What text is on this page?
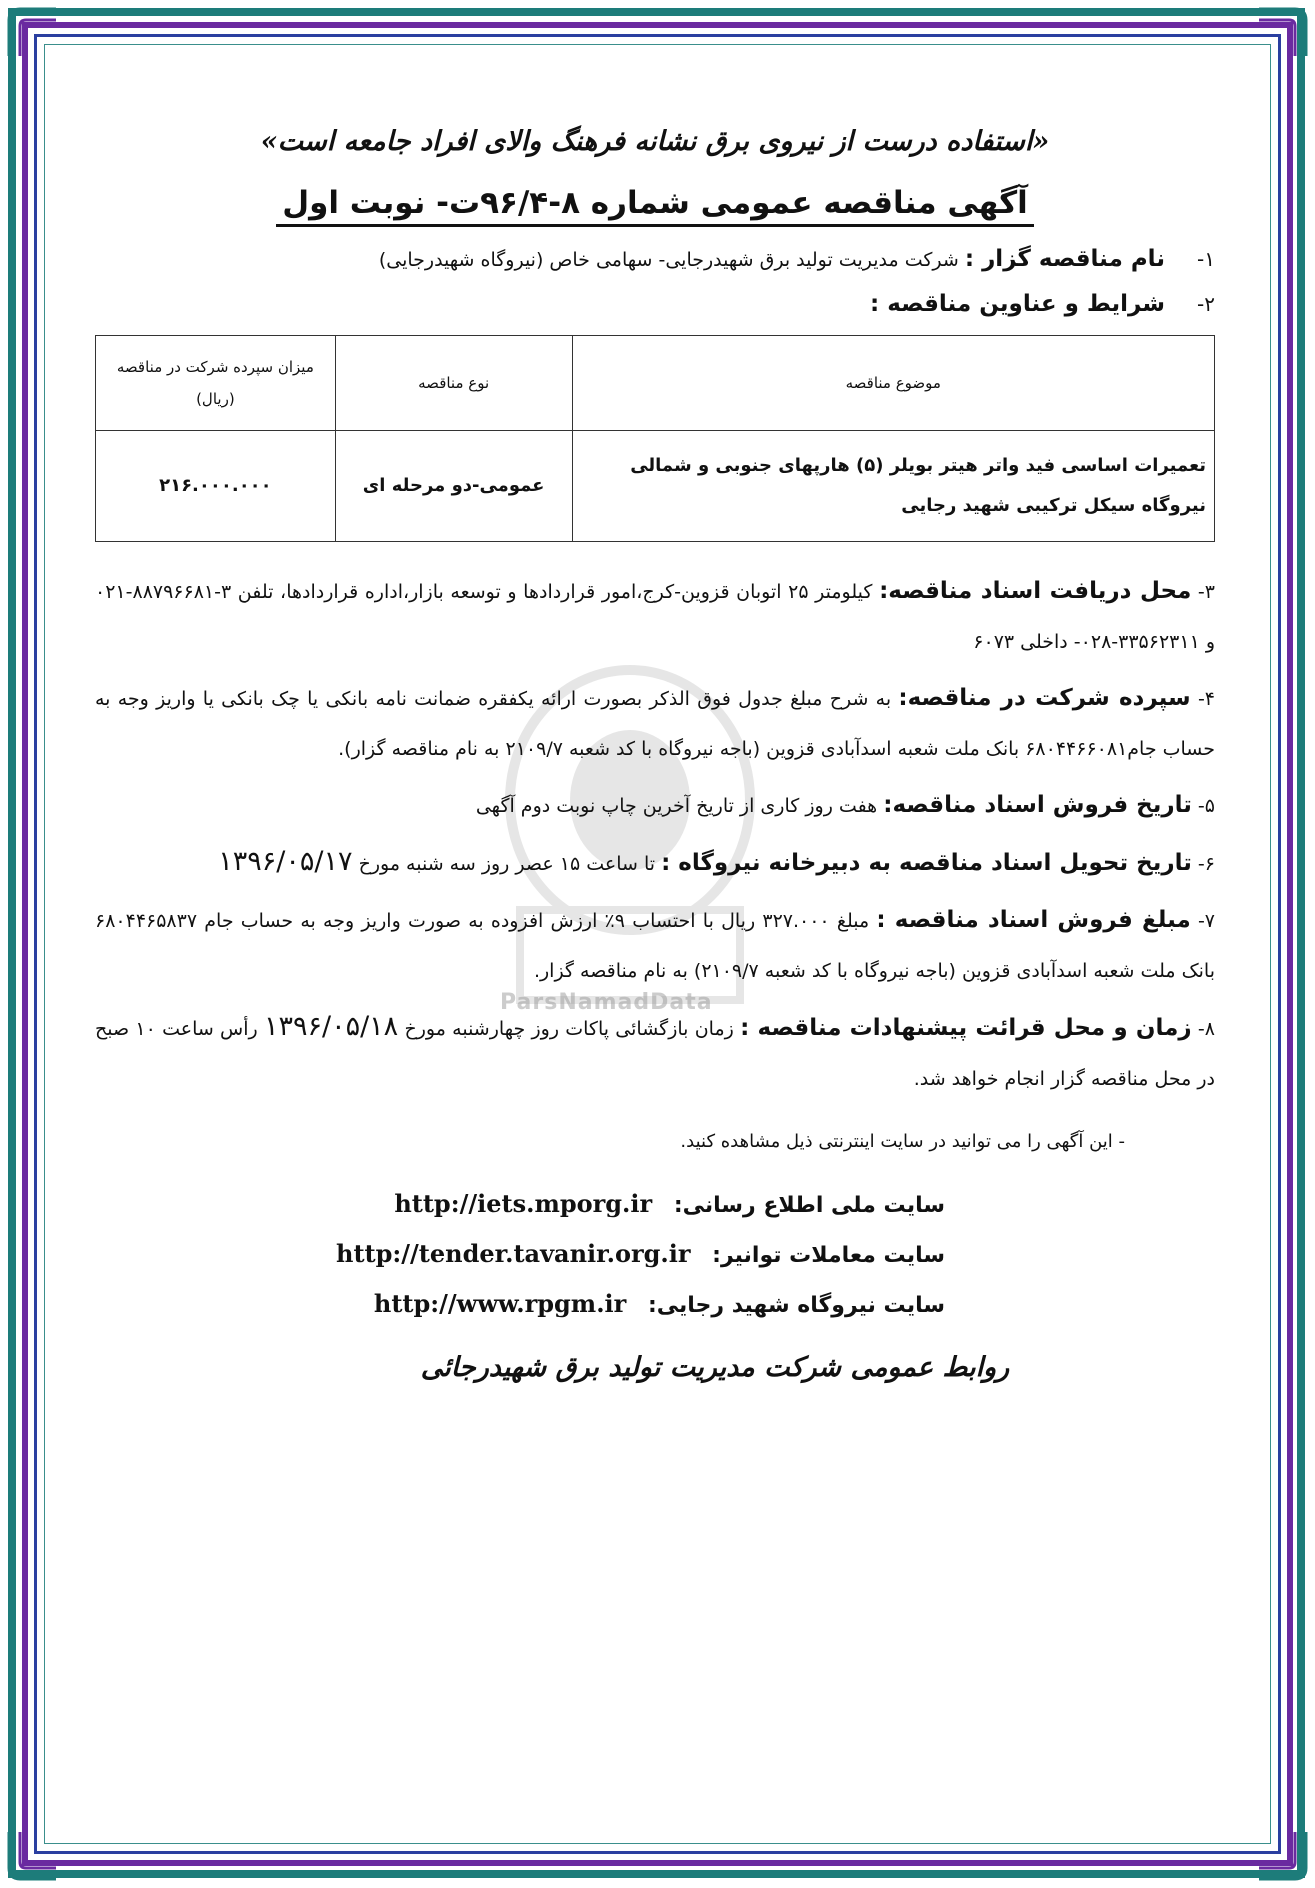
ParsNamadData

«استفاده درست از نیروی برق نشانه فرهنگ والای افراد جامعه است»

آگهی مناقصه عمومی شماره ۸-۹۶/۴ت- نوبت اول

۱- نام مناقصه گزار : شرکت مدیریت تولید برق شهیدرجایی- سهامی خاص (نیروگاه شهیدرجایی)

۲- شرایط و عناوین مناقصه :

موضوع مناقصه	نوع مناقصه	میزان سپرده شرکت در مناقصه (ریال)
تعمیرات اساسی فید واتر هیتر بویلر (۵) هارپهای جنوبی و شمالی نیروگاه سیکل ترکیبی شهید رجایی	عمومی-دو مرحله ای	۲۱۶.۰۰۰.۰۰۰

۳- محل دریافت اسناد مناقصه: کیلومتر ۲۵ اتوبان قزوین-کرج،امور قراردادها و توسعه بازار،اداره قراردادها، تلفن ۳-۸۸۷۹۶۶۸۱-۰۲۱ و ۳۳۵۶۲۳۱۱-۰۲۸- داخلی ۶۰۷۳

۴- سپرده شرکت در مناقصه: به شرح مبلغ جدول فوق الذکر بصورت ارائه یکفقره ضمانت نامه بانکی یا چک بانکی یا واریز وجه به حساب جام۶۸۰۴۴۶۶۰۸۱ بانک ملت شعبه اسدآبادی قزوین (باجه نیروگاه با کد شعبه ۲۱۰۹/۷ به نام مناقصه گزار).

۵- تاریخ فروش اسناد مناقصه: هفت روز کاری از تاریخ آخرین چاپ نوبت دوم آگهی

۶- تاریخ تحویل اسناد مناقصه به دبیرخانه نیروگاه : تا ساعت ۱۵ عصر روز سه شنبه مورخ ۱۳۹۶/۰۵/۱۷

۷- مبلغ فروش اسناد مناقصه : مبلغ ۳۲۷.۰۰۰ ریال با احتساب ۹٪ ارزش افزوده به صورت واریز وجه به حساب جام ۶۸۰۴۴۶۵۸۳۷ بانک ملت شعبه اسدآبادی قزوین (باجه نیروگاه با کد شعبه ۲۱۰۹/۷) به نام مناقصه گزار.

۸- زمان و محل قرائت پیشنهادات مناقصه : زمان بازگشائی پاکات روز چهارشنبه مورخ ۱۳۹۶/۰۵/۱۸ رأس ساعت ۱۰ صبح در محل مناقصه گزار انجام خواهد شد.

- این آگهی را می توانید در سایت اینترنتی ذیل مشاهده کنید.

سایت ملی اطلاع رسانی: http://iets.mporg.ir
سایت معاملات توانیر: http://tender.tavanir.org.ir
سایت نیروگاه شهید رجایی: http://www.rpgm.ir
روابط عمومی شرکت مدیریت تولید برق شهیدرجائی
